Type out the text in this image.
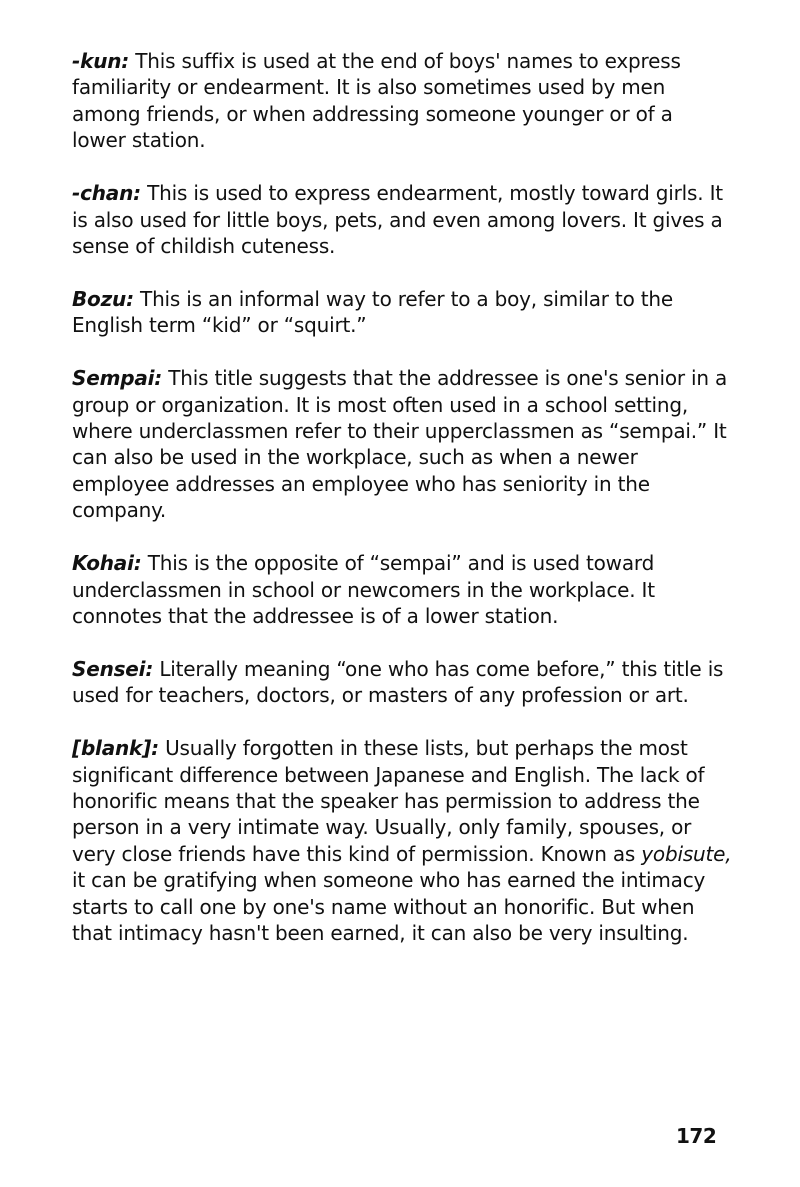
-kun: This suffix is used at the end of boys' names to express familiarity or endearment. It is also sometimes used by men among friends, or when addressing someone younger or of a lower station.

-chan: This is used to express endearment, mostly toward girls. It is also used for little boys, pets, and even among lovers. It gives a sense of childish cuteness.

Bozu: This is an informal way to refer to a boy, similar to the English term “kid” or “squirt.”

Sempai: This title suggests that the addressee is one's senior in a group or organization. It is most often used in a school setting, where underclassmen refer to their upperclassmen as “sempai.” It can also be used in the workplace, such as when a newer employee addresses an employee who has seniority in the company.

Kohai: This is the opposite of “sempai” and is used toward underclassmen in school or newcomers in the workplace. It connotes that the addressee is of a lower station.

Sensei: Literally meaning “one who has come before,” this title is used for teachers, doctors, or masters of any profession or art.

[blank]: Usually forgotten in these lists, but perhaps the most significant difference between Japanese and English. The lack of honorific means that the speaker has permission to address the person in a very intimate way. Usually, only family, spouses, or very close friends have this kind of permission. Known as yobisute, it can be gratifying when someone who has earned the intimacy starts to call one by one's name without an honorific. But when that intimacy hasn't been earned, it can also be very insulting.

172
